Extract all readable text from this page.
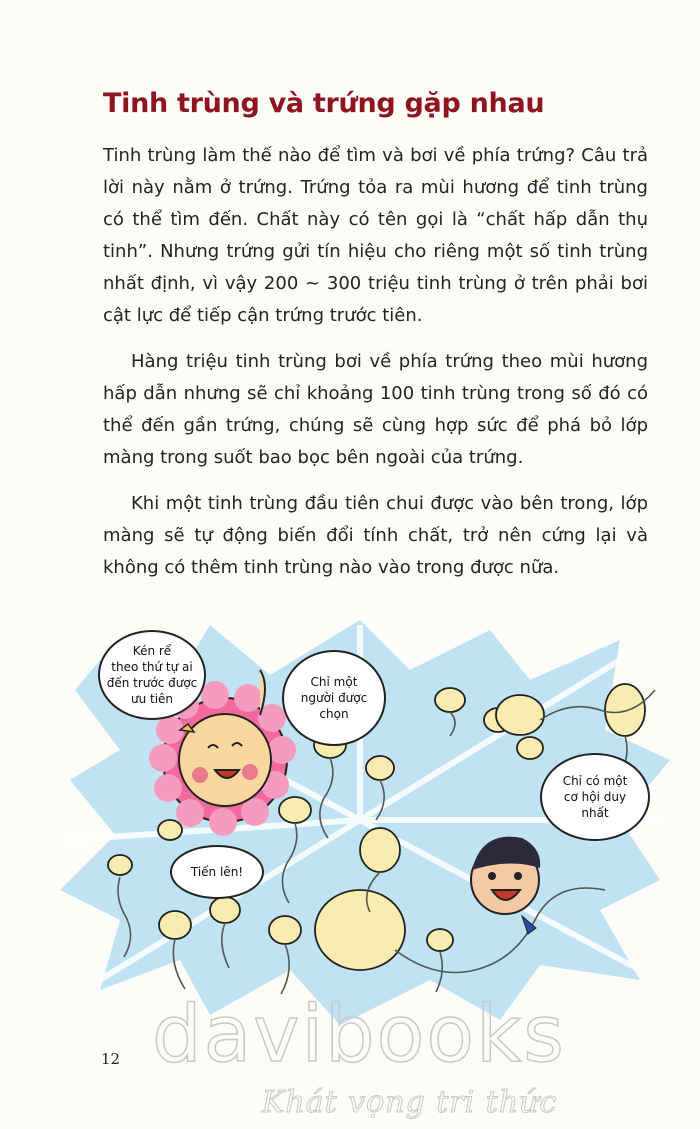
Tinh trùng và trứng gặp nhau

Tinh trùng làm thế nào để tìm và bơi về phía trứng? Câu trả lời này nằm ở trứng. Trứng tỏa ra mùi hương để tinh trùng có thể tìm đến. Chất này có tên gọi là “chất hấp dẫn thụ tinh”. Nhưng trứng gửi tín hiệu cho riêng một số tinh trùng nhất định, vì vậy 200 ~ 300 triệu tinh trùng ở trên phải bơi cật lực để tiếp cận trứng trước tiên.

Hàng triệu tinh trùng bơi về phía trứng theo mùi hương hấp dẫn nhưng sẽ chỉ khoảng 100 tinh trùng trong số đó có thể đến gần trứng, chúng sẽ cùng hợp sức để phá bỏ lớp màng trong suốt bao bọc bên ngoài của trứng.

Khi một tinh trùng đầu tiên chui được vào bên trong, lớp màng sẽ tự động biến đổi tính chất, trở nên cứng lại và không có thêm tinh trùng nào vào trong được nữa.

Kén rể
theo thứ tự ai
đến trước được
ưu tiên
Chỉ một
người được
chọn
Chỉ có một
cơ hội duy
nhất
Tiến lên!
12 davibooks
Khát vọng tri thức
